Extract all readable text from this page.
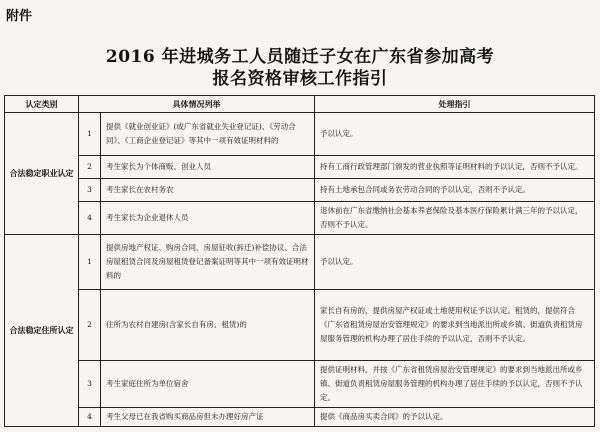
附件
2016 年进城务工人员随迁子女在广东省参加高考
报名资格审核工作指引
认定类别	具体情况列举		处理指引
合法稳定职业认定	1	提供《就业创业证》(或广东省就业失业登记证)、《劳动合同》、《工商企业登记证》等其中一项有效证明材料的	予以认定。
	2	考生家长为个体商贩、创业人员	持有工商行政管理部门颁发的营业执照等证明材料的予以认定，否则不予认定。
	3	考生家长在农村务农	持有土地承包合同或务农劳动合同的予以认定，否则不予认定。
	4	考生家长为企业退休人员	退休前在广东省缴纳社会基本养老保险及基本医疗保险累计满三年的予以认定，否则不予认定。
合法稳定住所认定	1	提供房地产权证、购房合同、房屋征收(拆迁)补偿协议、合法房屋租赁合同及房屋租赁登记备案证明等其中一项有效证明材料的	予以认定。
	2	住所为农村自建房(含家长自有房、租赁)的	家长自有房的，提供房屋产权证或土地使用权证予以认定。租赁的，提供符合《广东省租赁房屋治安管理规定》的要求到当地派出所或乡镇、街道负责租赁房屋服务管理的机构办理了居住手续的予以认定，否则不予认定。
	3	考生家庭住所为单位宿舍	提供证明材料，并按《广东省租赁房屋治安管理规定》的要求到当地派出所或乡镇、街道负责租赁房屋服务管理的机构办理了居住手续的予以认定，否则不予认定。
	4	考生父母已在我省购买商品房但未办理好房产证	提供《商品房买卖合同》的予以认定。
